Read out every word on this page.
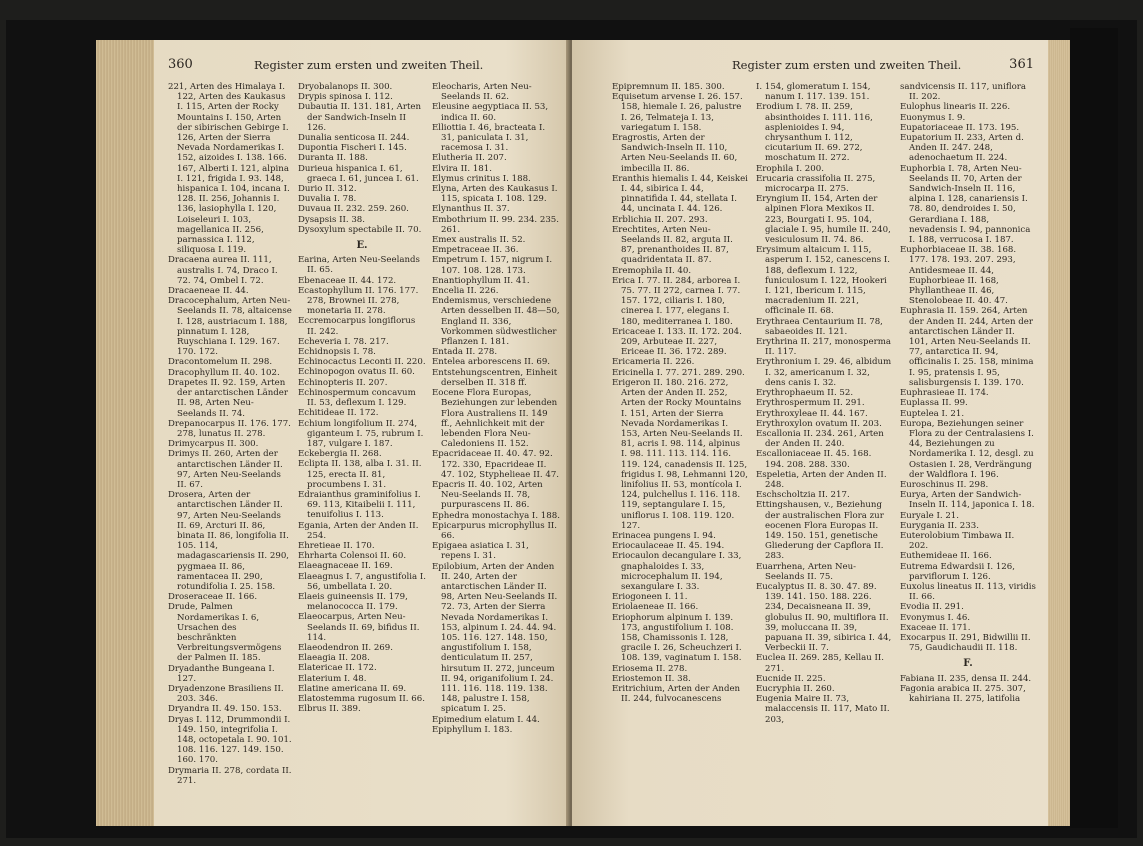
360	Register zum ersten und zweiten Theil.

221, Arten des Himalaya I. 122, Arten des Kaukasus I. 115, Arten der Rocky Mountains I. 150, Arten der sibirischen Gebirge I. 126, Arten der Sierra Nevada Nordamerikas I. 152, aizoides I. 138. 166. 167, Alberti I. 121, alpina I. 121, frigida I. 93. 148, hispanica I. 104, incana I. 128. II. 256, Johannis I. 136, lasiophylla I. 120, Loiseleuri I. 103, magellanica II. 256, parnassica I. 112, siliquosa I. 119.

Dracaena aurea II. 111, australis I. 74, Draco I. 72. 74, Ombel I. 72.

Dracaeneae II. 44.

Dracocephalum, Arten Neu-Seelands II. 78, altaicense I. 128, austriacum I. 188, pinnatum I. 128, Ruyschiana I. 129. 167. 170. 172.

Dracontomelum II. 298.

Dracophyllum II. 40. 102.

Drapetes II. 92. 159, Arten der antarctischen Länder II. 98, Arten Neu-Seelands II. 74.

Drepanocarpus II. 176. 177. 278, lunatus II. 278.

Drimycarpus II. 300.

Drimys II. 260, Arten der antarctischen Länder II. 97, Arten Neu-Seelands II. 67.

Drosera, Arten der antarctischen Länder II. 97, Arten Neu-Seelands II. 69, Arcturi II. 86, binata II. 86, longifolia II. 105. 114, madagascariensis II. 290, pygmaea II. 86, ramentacea II. 290, rotundifolia I. 25. 158.

Droseraceae II. 166.

Drude, Palmen Nordamerikas I. 6, Ursachen des beschränkten Verbreitungsvermögens der Palmen II. 185.

Dryadanthe Bungeana I. 127.

Dryadenzone Brasiliens II. 203. 346.

Dryandra II. 49. 150. 153.

Dryas I. 112, Drummondii I. 149. 150, integrifolia I. 148, octopetala I. 90. 101. 108. 116. 127. 149. 150. 160. 170.

Drymaria II. 278, cordata II. 271.

Dryobalanops II. 300.

Drypis spinosa I. 112.

Dubautia II. 131. 181, Arten der Sandwich-Inseln II 126.

Dunalia senticosa II. 244.

Dupontia Fischeri I. 145.

Duranta II. 188.

Durieua hispanica I. 61, graeca I. 61, juncea I. 61.

Durio II. 312.

Duvalia I. 78.

Duvaua II. 232. 259. 260.

Dysapsis II. 38.

Dysoxylum spectabile II. 70.

E.

Earina, Arten Neu-Seelands II. 65.

Ebenaceae II. 44. 172.

Ecastophyllum II. 176. 177. 278, Brownei II. 278, monetaria II. 278.

Eccremocarpus longiflorus II. 242.

Echeveria I. 78. 217.

Echidnopsis I. 78.

Echinocactus Leconti II. 220.

Echinopogon ovatus II. 60.

Echinopteris II. 207.

Echinospermum concavum II. 53, deflexum I. 129.

Echitideae II. 172.

Echium longifolium II. 274, giganteum I. 75, rubrum I. 187, vulgare I. 187.

Eckebergia II. 268.

Eclipta II. 138, alba I. 31. II. 125, erecta II. 81, procumbens I. 31.

Edraianthus graminifolius I. 69. 113, Kitaibelii I. 111, tenuifolius I. 113.

Egania, Arten der Anden II. 254.

Ehretieae II. 170.

Ehrharta Colensoi II. 60.

Elaeagnaceae II. 169.

Elaeagnus I. 7, angustifolia I. 56, umbellata I. 20.

Elaeis guineensis II. 179, melanococca II. 179.

Elaeocarpus, Arten Neu-Seelands II. 69, bifidus II. 114.

Elaeodendron II. 269.

Elaeagia II. 208.

Elatericae II. 172.

Elaterium I. 48.

Elatine americana II. 69.

Elatostemma rugosum II. 66.

Elbrus II. 389.

Eleocharis, Arten Neu-Seelands II. 62.

Eleusine aegyptiaca II. 53, indica II. 60.

Elliottia I. 46, bracteata I. 31, paniculata I. 31, racemosa I. 31.

Elutheria II. 207.

Elvira II. 181.

Elymus crinitus I. 188.

Elyna, Arten des Kaukasus I. 115, spicata I. 108. 129.

Elynanthus II. 37.

Embothrium II. 99. 234. 235. 261.

Emex australis II. 52.

Empetraceae II. 36.

Empetrum I. 157, nigrum I. 107. 108. 128. 173.

Enantiophyllum II. 41.

Encelia II. 226.

Endemismus, verschiedene Arten desselben II. 48—50, England II. 336, Vorkommen südwestlicher Pflanzen I. 181.

Entada II. 278.

Entelea arborescens II. 69.

Entstehungscentren, Einheit derselben II. 318 ff.

Eocene Flora Europas, Beziehungen zur lebenden Flora Australiens II. 149 ff., Aehnlichkeit mit der lebenden Flora Neu-Caledoniens II. 152.

Epacridaceae II. 40. 47. 92. 172. 330, Epacrideae II. 47. 102, Styphelieae II. 47.

Epacris II. 40. 102, Arten Neu-Seelands II. 78, purpurascens II. 86.

Ephedra monostachya I. 188.

Epicarpurus microphyllus II. 66.

Epigaea asiatica I. 31, repens I. 31.

Epilobium, Arten der Anden II. 240, Arten der antarctischen Länder II. 98, Arten Neu-Seelands II. 72. 73, Arten der Sierra Nevada Nordamerikas I. 153, alpinum I. 24. 44. 94. 105. 116. 127. 148. 150, angustifolium I. 158, denticulatum II. 257, hirsutum II. 272, junceum II. 94, origanifolium I. 24. 111. 116. 118. 119. 138. 148, palustre I. 158, spicatum I. 25.

Epimedium elatum I. 44.

Epiphyllum I. 183.

Register zum ersten und zweiten Theil.	361

Epipremnum II. 185. 300.

Equisetum arvense I. 26. 157. 158, hiemale I. 26, palustre I. 26, Telmateja I. 13, variegatum I. 158.

Eragrostis, Arten der Sandwich-Inseln II. 110, Arten Neu-Seelands II. 60, imbecilla II. 86.

Eranthis hiemalis I. 44, Keiskei I. 44, sibirica I. 44, pinnatifida I. 44, stellata I. 44, uncinata I. 44. 126.

Erblichia II. 207. 293.

Erechtites, Arten Neu-Seelands II. 82, arguta II. 87, prenanthoides II. 87, quadridentata II. 87.

Eremophila II. 40.

Erica I. 77. II. 284, arborea I. 75. 77. II 272, carnea I. 77. 157. 172, ciliaris I. 180, cinerea I. 177, elegans I. 180, mediterranea I. 180.

Ericaceae I. 133. II. 172. 204. 209, Arbuteae II. 227, Ericeae II. 36. 172. 289.

Ericameria II. 226.

Ericinella I. 77. 271. 289. 290.

Erigeron II. 180. 216. 272, Arten der Anden II. 252, Arten der Rocky Mountains I. 151, Arten der Sierra Nevada Nordamerikas I. 153, Arten Neu-Seelands II. 81, acris I. 98. 114, alpinus I. 98. 111. 113. 114. 116. 119. 124, canadensis II. 125, frigidus I. 98, Lehmanni 120, linifolius II. 53, montícola I. 124, pulchellus I. 116. 118. 119, septangulare I. 15, uniflorus I. 108. 119. 120. 127.

Erinacea pungens I. 94.

Eriocaulaceae II. 45. 194.

Eriocaulon decangulare I. 33, gnaphaloides I. 33, microcephalum II. 194, sexangulare I. 33.

Eriogoneen I. 11.

Eriolaeneae II. 166.

Eriophorum alpinum I. 139. 173, angustifolium I. 108. 158, Chamissonis I. 128, gracile I. 26, Scheuchzeri I. 108. 139, vaginatum I. 158.

Eriosema II. 278.

Eriostemon II. 38.

Eritrichium, Arten der Anden II. 244, fulvocanescens

I. 154, glomeratum I. 154, nanum I. 117. 139. 151.

Erodium I. 78. II. 259, absinthoides I. 111. 116, asplenioides I. 94, chrysanthum I. 112, cicutarium II. 69. 272, moschatum II. 272.

Erophila I. 200.

Erucaria crassifolia II. 275, microcarpa II. 275.

Eryngium II. 154, Arten der alpinen Flora Mexikos II. 223, Bourgati I. 95. 104, glaciale I. 95, humile II. 240, vesiculosum II. 74. 86.

Erysimum altaicum I. 115, asperum I. 152, canescens I. 188, deflexum I. 122, funiculosum I. 122, Hookeri I. 121, Ibericum I. 115, macradenium II. 221, officinale II. 68.

Erythraea Centaurium II. 78, sabaeoides II. 121.

Erythrina II. 217, monosperma II. 117.

Erythronium I. 29. 46, albidum I. 32, americanum I. 32, dens canis I. 32.

Erythrophaeum II. 52.

Erythrospermum II. 291.

Erythroxyleae II. 44. 167.

Erythroxylon ovatum II. 203.

Escallonia II. 234. 261, Arten der Anden II. 240.

Escalloniaceae II. 45. 168. 194. 208. 288. 330.

Espeletia, Arten der Anden II. 248.

Eschscholtzia II. 217.

Ettingshausen, v., Beziehung der australischen Flora zur eocenen Flora Europas II. 149. 150. 151, genetische Gliederung der Capflora II. 283.

Euarrhena, Arten Neu-Seelands II. 75.

Eucalyptus II. 8. 30. 47. 89. 139. 141. 150. 188. 226. 234, Decaisneana II. 39, globulus II. 90, multiflora II. 39, moluccana II. 39, papuana II. 39, sibirica I. 44, Verbeckii II. 7.

Euclea II. 269. 285, Kellau II. 271.

Eucnide II. 225.

Eucryphia II. 260.

Eugenia Maire II. 73, malaccensis II. 117, Mato II. 203,

sandvicensis II. 117, uniflora II. 202.

Eulophus linearis II. 226.

Euonymus I. 9.

Eupatoriaceae II. 173. 195.

Eupatorium II. 233, Arten d. Anden II. 247. 248, adenochaetum II. 224.

Euphorbia I. 78, Arten Neu-Seelands II. 70, Arten der Sandwich-Inseln II. 116, alpina I. 128, canariensis I. 78. 80, dendroides I. 50, Gerardiana I. 188, nevadensis I. 94, pannonica I. 188, verrucosa I. 187.

Euphorbiaceae II. 38. 168. 177. 178. 193. 207. 293, Antidesmeae II. 44, Euphorbieae II. 168, Phyllantheae II. 46, Stenolobeae II. 40. 47.

Euphrasia II. 159. 264, Arten der Anden II. 244, Arten der antarctischen Länder II. 101, Arten Neu-Seelands II. 77, antarctica II. 94, officinalis I. 25. 158, minima I. 95, pratensis I. 95, salisburgensis I. 139. 170.

Euphrasieae II. 174.

Euplassa II. 99.

Euptelea I. 21.

Europa, Beziehungen seiner Flora zu der Centralasiens I. 44, Beziehungen zu Nordamerika I. 12, desgl. zu Ostasien I. 28, Verdrängung der Waldflora I. 196.

Euroschinus II. 298.

Eurya, Arten der Sandwich-Inseln II. 114, japonica I. 18.

Euryale I. 21.

Eurygania II. 233.

Euterolobium Timbawa II. 202.

Euthemideae II. 166.

Eutrema Edwardsii I. 126, parviflorum I. 126.

Euxolus lineatus II. 113, viridis II. 66.

Evodia II. 291.

Evonymus I. 46.

Exaceae II. 171.

Exocarpus II. 291, Bidwillii II. 75, Gaudichaudii II. 118.

F.

Fabiana II. 235, densa II. 244.

Fagonia arabica II. 275. 307, kahiriana II. 275, latifolia
